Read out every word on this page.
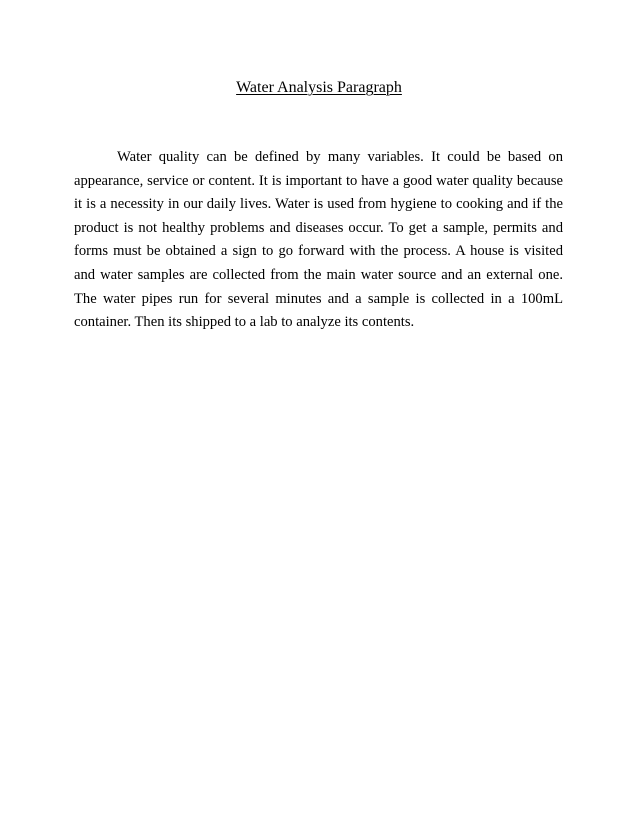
Water Analysis Paragraph

Water quality can be defined by many variables. It could be based on appearance, service or content. It is important to have a good water quality because it is a necessity in our daily lives. Water is used from hygiene to cooking and if the product is not healthy problems and diseases occur. To get a sample, permits and forms must be obtained a sign to go forward with the process. A house is visited and water samples are collected from the main water source and an external one. The water pipes run for several minutes and a sample is collected in a 100mL container. Then its shipped to a lab to analyze its contents.
